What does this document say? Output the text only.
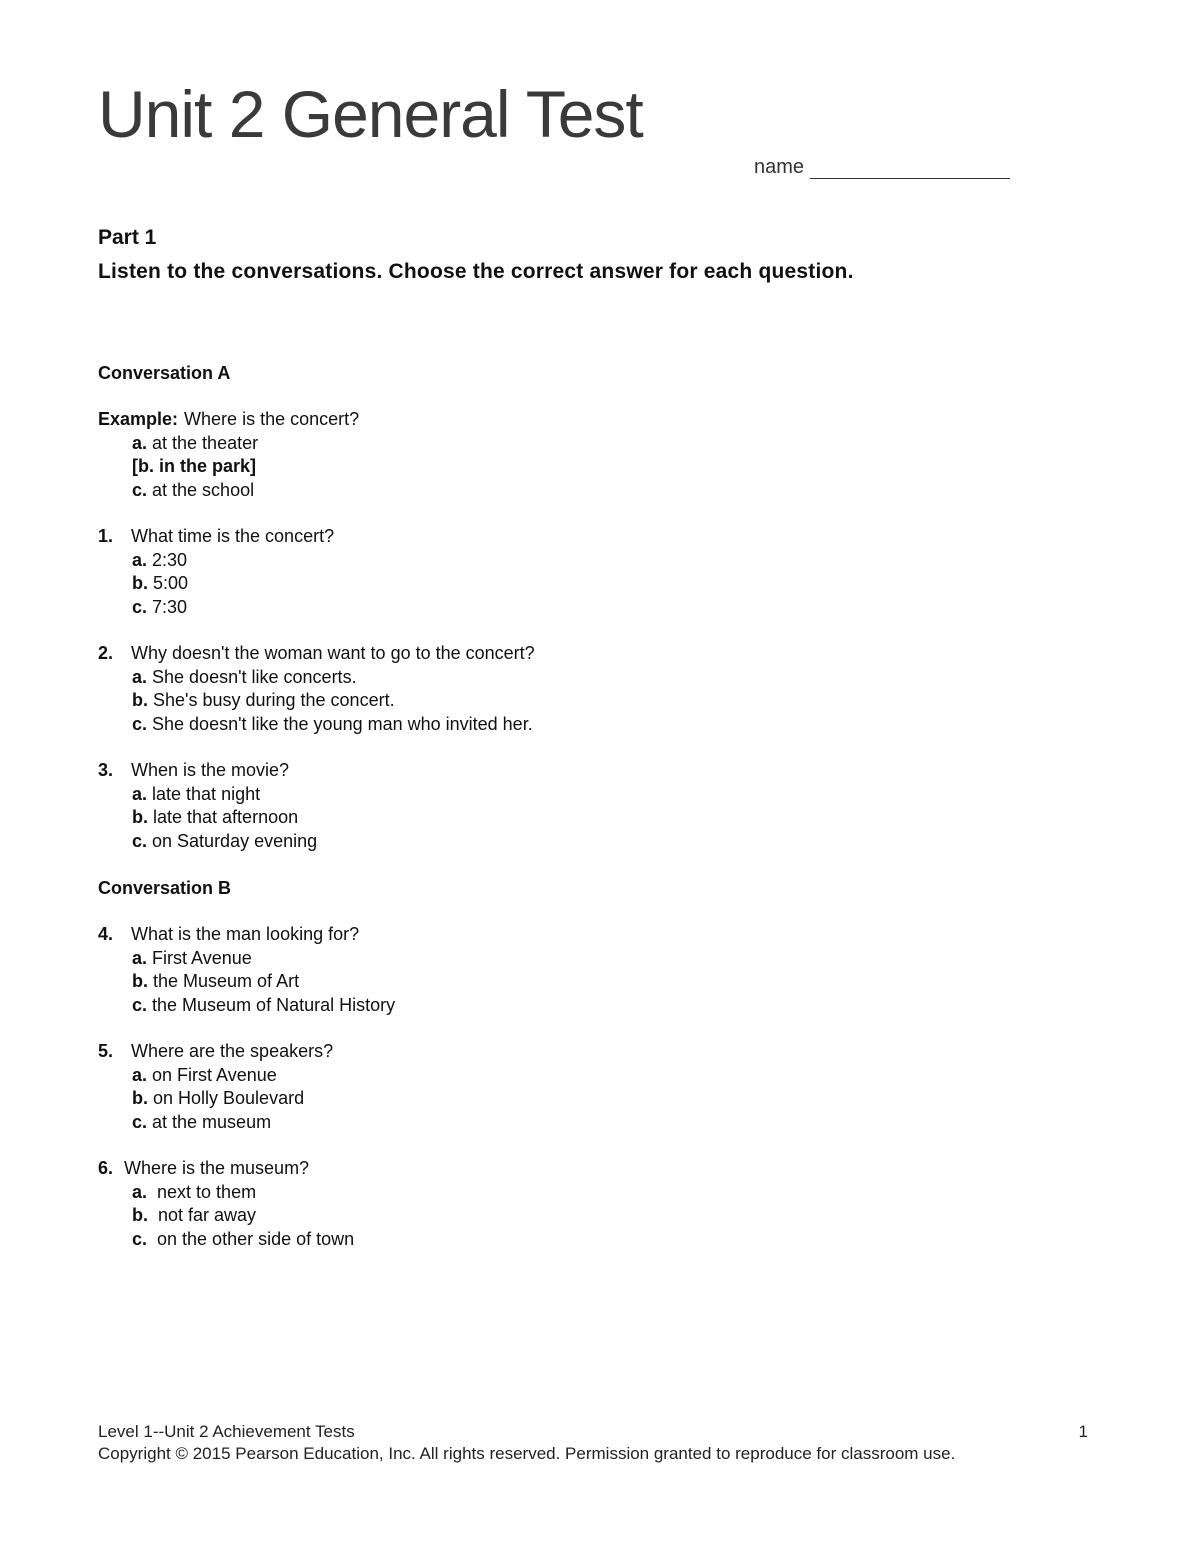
Unit 2 General Test
name
Part 1
Listen to the conversations. Choose the correct answer for each question.
Conversation A
Example: Where is the concert?
a. at the theater
[b. in the park]
c. at the school
1. What time is the concert?
a. 2:30
b. 5:00
c. 7:30
2. Why doesn't the woman want to go to the concert?
a. She doesn't like concerts.
b. She's busy during the concert.
c. She doesn't like the young man who invited her.
3. When is the movie?
a. late that night
b. late that afternoon
c. on Saturday evening
Conversation B
4. What is the man looking for?
a. First Avenue
b. the Museum of Art
c. the Museum of Natural History
5. Where are the speakers?
a. on First Avenue
b. on Holly Boulevard
c. at the museum
6. Where is the museum?
a. next to them
b. not far away
c. on the other side of town
Level 1--Unit 2 Achievement Tests	1
Copyright © 2015 Pearson Education, Inc. All rights reserved. Permission granted to reproduce for classroom use.
